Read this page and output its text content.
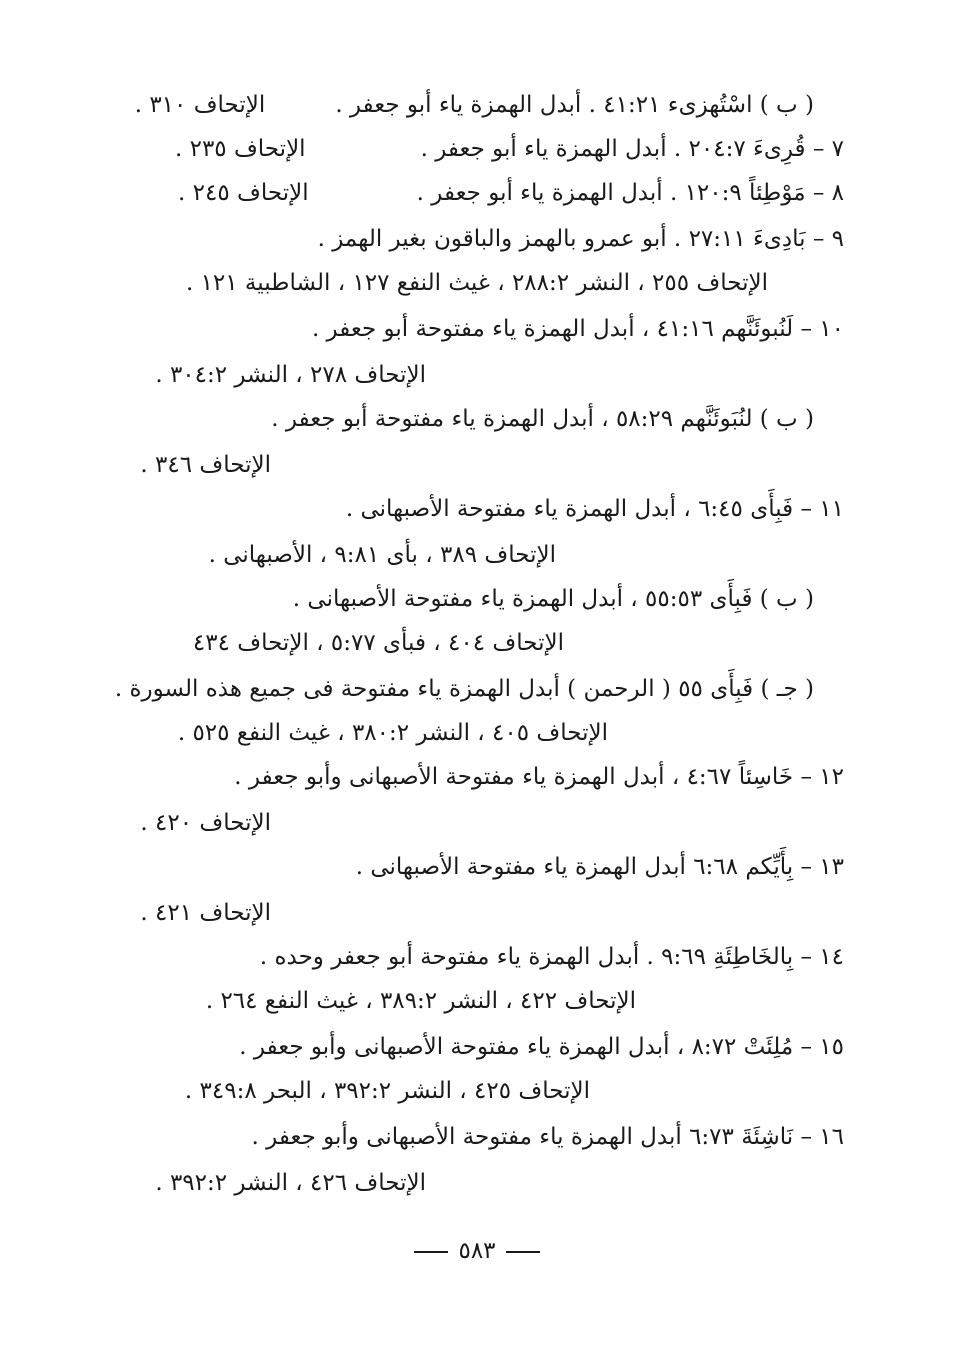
( ب ) اسْتُهزىء ٤١:٢١ . أبدل الهمزة ياء أبو جعفر .الإتحاف ٣١٠ .
٧ – قُرِىءَ ٢٠٤:٧ . أبدل الهمزة ياء أبو جعفر .الإتحاف ٢٣٥ .
٨ – مَوْطِئاً ١٢٠:٩ . أبدل الهمزة ياء أبو جعفر .الإتحاف ٢٤٥ .
٩ – بَادِىءَ ٢٧:١١ . أبو عمرو بالهمز والباقون بغير الهمز .
الإتحاف ٢٥٥ ، النشر ٢٨٨:٢ ، غيث النفع ١٢٧ ، الشاطبية ١٢١ .
١٠ – لَنُبوئَنَّهم ٤١:١٦ ، أبدل الهمزة ياء مفتوحة أبو جعفر .
الإتحاف ٢٧٨ ، النشر ٣٠٤:٢ .
( ب ) لنُبَوئَنَّهم ٥٨:٢٩ ، أبدل الهمزة ياء مفتوحة أبو جعفر .
الإتحاف ٣٤٦ .
١١ – فَبِأَى ٦:٤٥ ، أبدل الهمزة ياء مفتوحة الأصبهانى .
الإتحاف ٣٨٩ ، بأى ٩:٨١ ، الأصبهانى .
( ب ) فَبِأَى ٥٥:٥٣ ، أبدل الهمزة ياء مفتوحة الأصبهانى .
الإتحاف ٤٠٤ ، فبأى ٥:٧٧ ، الإتحاف ٤٣٤
( جـ ) فَبِأَى ٥٥ ( الرحمن ) أبدل الهمزة ياء مفتوحة فى جميع هذه السورة .
الإتحاف ٤٠٥ ، النشر ٣٨٠:٢ ، غيث النفع ٥٢٥ .
١٢ – خَاسِئاً ٤:٦٧ ، أبدل الهمزة ياء مفتوحة الأصبهانى وأبو جعفر .
الإتحاف ٤٢٠ .
١٣ – بِأَيِّكم ٦:٦٨ أبدل الهمزة ياء مفتوحة الأصبهانى .
الإتحاف ٤٢١ .
١٤ – بِالخَاطِئَةِ ٩:٦٩ . أبدل الهمزة ياء مفتوحة أبو جعفر وحده .
الإتحاف ٤٢٢ ، النشر ٣٨٩:٢ ، غيث النفع ٢٦٤ .
١٥ – مُلِئَتْ ٨:٧٢ ، أبدل الهمزة ياء مفتوحة الأصبهانى وأبو جعفر .
الإتحاف ٤٢٥ ، النشر ٣٩٢:٢ ، البحر ٣٤٩:٨ .
١٦ – نَاشِئَةَ ٦:٧٣ أبدل الهمزة ياء مفتوحة الأصبهانى وأبو جعفر .
الإتحاف ٤٢٦ ، النشر ٣٩٢:٢ .
٥٨٣
